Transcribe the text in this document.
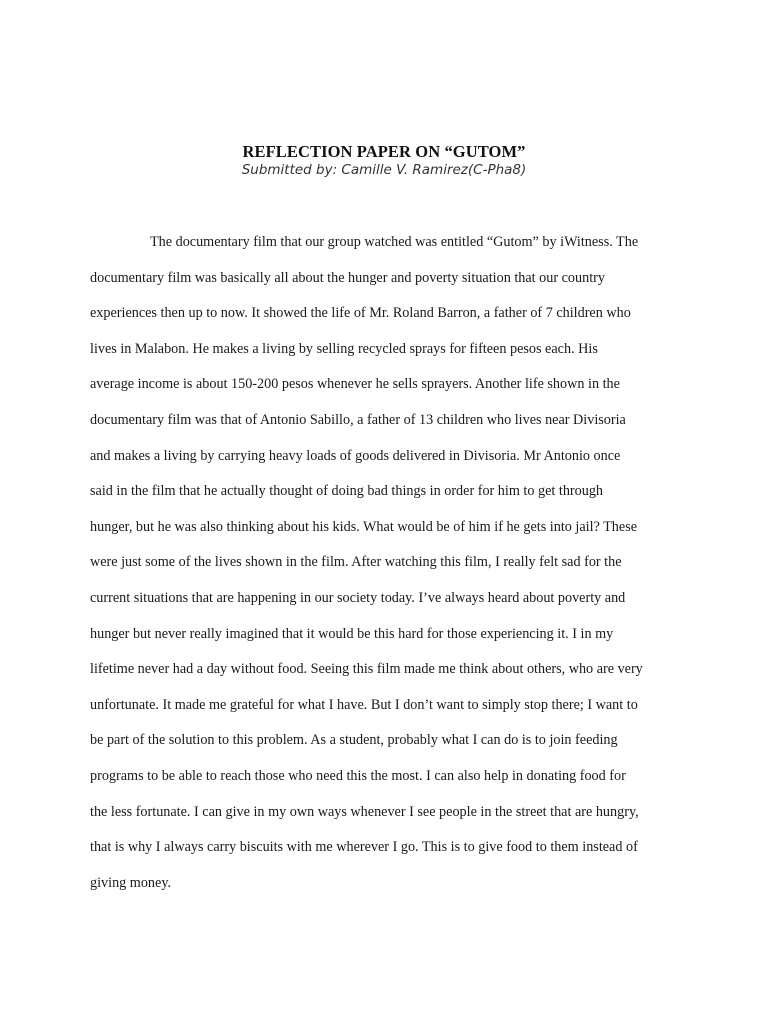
REFLECTION PAPER ON “GUTOM”

Submitted by: Camille V. Ramirez(C-Pha8)

The documentary film that our group watched was entitled “Gutom” by iWitness. The
documentary film was basically all about the hunger and poverty situation that our country
experiences then up to now. It showed the life of Mr. Roland Barron, a father of 7 children who
lives in Malabon. He makes a living by selling recycled sprays for fifteen pesos each. His
average income is about 150-200 pesos whenever he sells sprayers. Another life shown in the
documentary film was that of Antonio Sabillo, a father of 13 children who lives near Divisoria
and makes a living by carrying heavy loads of goods delivered in Divisoria. Mr Antonio once
said in the film that he actually thought of doing bad things in order for him to get through
hunger, but he was also thinking about his kids. What would be of him if he gets into jail? These
were just some of the lives shown in the film. After watching this film, I really felt sad for the
current situations that are happening in our society today. I’ve always heard about poverty and
hunger but never really imagined that it would be this hard for those experiencing it. I in my
lifetime never had a day without food. Seeing this film made me think about others, who are very
unfortunate. It made me grateful for what I have. But I don’t want to simply stop there; I want to
be part of the solution to this problem. As a student, probably what I can do is to join feeding
programs to be able to reach those who need this the most. I can also help in donating food for
the less fortunate. I can give in my own ways whenever I see people in the street that are hungry,
that is why I always carry biscuits with me wherever I go. This is to give food to them instead of
giving money.
